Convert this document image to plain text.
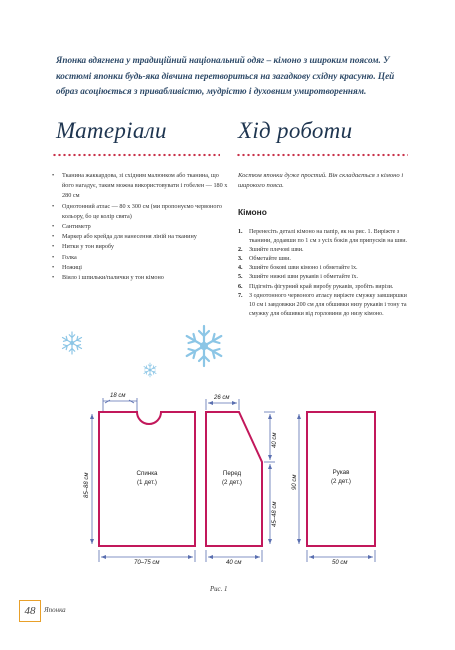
Японка вдягнена у традиційний національний одяг – кімоно з широким поясом. У костюмі японки будь-яка дівчина перетвориться на загадкову східну красуню. Цей образ асоціюється з привабливістю, мудрістю і духовним умиротворенням.

Матеріали	Хід роботи
• Тканина жаккардова, зі східним малюнком або тканина, що його нагадує, таким можна використовувати і гобелен — 180 x 280 см
• Однотонний атлас — 80 x 300 см (ми пропонуємо червоного кольору, бо це колір свята)
• Сантиметр
• Маркер або крейда для нанесення ліній на тканину
• Нитки у тон виробу
• Голка
• Ножиці
• Віяло і шпильки/палички у тон кімоно

Костюм японки дуже простий. Він складається з кімоно і широкого пояса.

Кімоно
1. Перенесіть деталі кімоно на папір, як на рис. 1. Виріжте з тканини, додавши по 1 см з усіх боків для припусків на шви.
2. Зшийте плечові шви.
3. Обметайте шви.
4. Зшийте бокові шви кімоно і обметайте їх.
5. Зшийте нижні шви рукавів і обметайте їх.
6. Підігніть фігурний край виробу рукавів, зробіть вирізи.
7. З однотонного червоного атласу виріжте смужку завширшки 10 см і завдовжки 200 см для обшивки низу рукавів і тону та смужку для обшивки від горловини до низу кімоно.
18 см
85–88 см
70–75 см
26 см
40 см
45–48 см
40 см
90 см
50 см
Спинка
(1 дет.)
Перед
(2 дет.)
Рукав
(2 дет.)

Рис. 1

48	Японка
